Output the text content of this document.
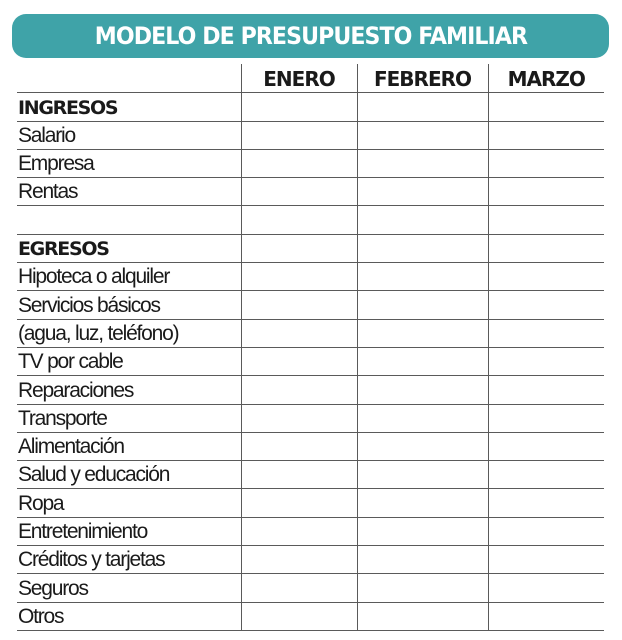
MODELO DE PRESUPUESTO FAMILIAR
	ENERO	FEBRERO	MARZO
INGRESOS			
Salario			
Empresa			
Rentas			

EGRESOS			
Hipoteca o alquiler			
Servicios básicos			
(agua, luz, teléfono)			
TV por cable			
Reparaciones			
Transporte			
Alimentación			
Salud y educación			
Ropa			
Entretenimiento			
Créditos y tarjetas			
Seguros			
Otros			
